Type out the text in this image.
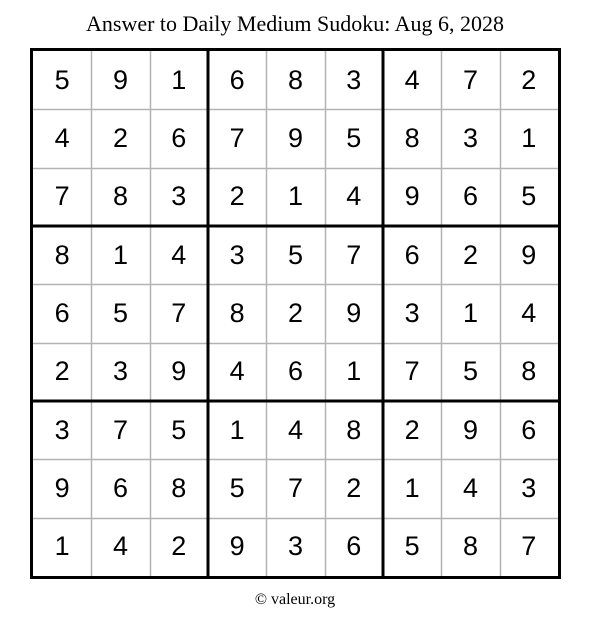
Answer to Daily Medium Sudoku: Aug 6, 2028
5	9	1	6	8	3	4	7	2
4	2	6	7	9	5	8	3	1
7	8	3	2	1	4	9	6	5
8	1	4	3	5	7	6	2	9
6	5	7	8	2	9	3	1	4
2	3	9	4	6	1	7	5	8
3	7	5	1	4	8	2	9	6
9	6	8	5	7	2	1	4	3
1	4	2	9	3	6	5	8	7
© valeur.org
